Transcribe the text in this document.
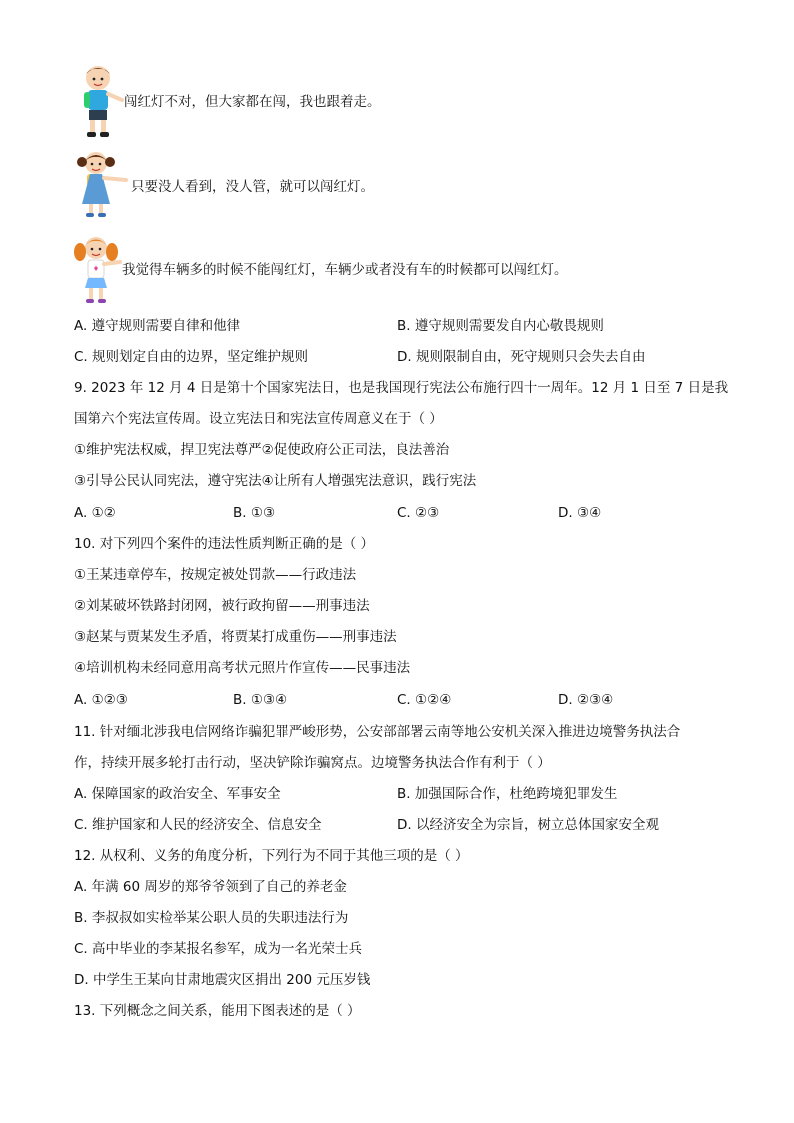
闯红灯不对，但大家都在闯，我也跟着走。
只要没人看到，没人管，就可以闯红灯。
我觉得车辆多的时候不能闯红灯，车辆少或者没有车的时候都可以闯红灯。
A. 遵守规则需要自律和他律	B. 遵守规则需要发自内心敬畏规则
C. 规则划定自由的边界，坚定维护规则	D. 规则限制自由，死守规则只会失去自由
9. 2023 年 12 月 4 日是第十个国家宪法日，也是我国现行宪法公布施行四十一周年。12 月 1 日至 7 日是我
国第六个宪法宣传周。设立宪法日和宪法宣传周意义在于（ ）
①维护宪法权威，捍卫宪法尊严②促使政府公正司法，良法善治
③引导公民认同宪法，遵守宪法④让所有人增强宪法意识，践行宪法
A. ①②	B. ①③	C. ②③	D. ③④
10. 对下列四个案件的违法性质判断正确的是（ ）
①王某违章停车，按规定被处罚款——行政违法
②刘某破坏铁路封闭网，被行政拘留——刑事违法
③赵某与贾某发生矛盾，将贾某打成重伤——刑事违法
④培训机构未经同意用高考状元照片作宣传——民事违法
A. ①②③	B. ①③④	C. ①②④	D. ②③④
11. 针对缅北涉我电信网络诈骗犯罪严峻形势，公安部部署云南等地公安机关深入推进边境警务执法合
作，持续开展多轮打击行动，坚决铲除诈骗窝点。边境警务执法合作有利于（ ）
A. 保障国家的政治安全、军事安全	B. 加强国际合作，杜绝跨境犯罪发生
C. 维护国家和人民的经济安全、信息安全	D. 以经济安全为宗旨，树立总体国家安全观
12. 从权利、义务的角度分析，下列行为不同于其他三项的是（ ）
A. 年满 60 周岁的郑爷爷领到了自己的养老金
B. 李叔叔如实检举某公职人员的失职违法行为
C. 高中毕业的李某报名参军，成为一名光荣士兵
D. 中学生王某向甘肃地震灾区捐出 200 元压岁钱
13. 下列概念之间关系，能用下图表述的是（ ）
